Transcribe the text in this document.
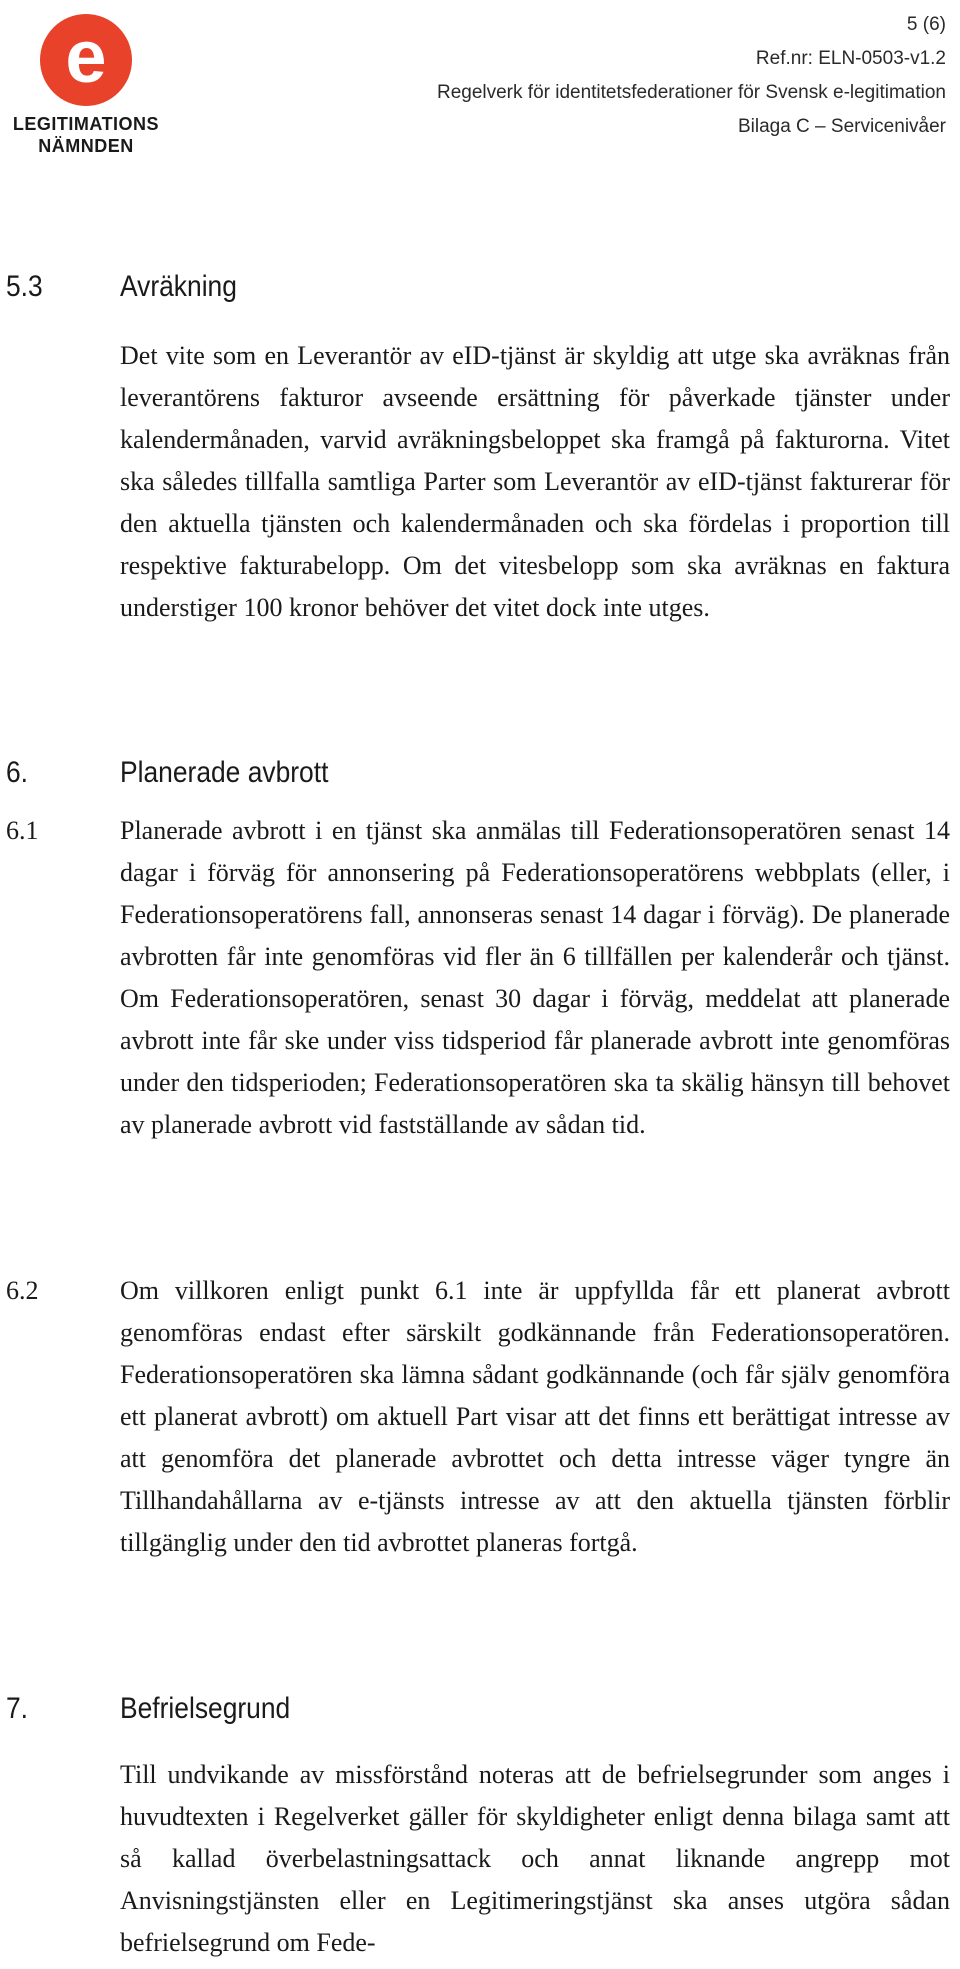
e
LEGITIMATIONS
NÄMNDEN
5 (6)
Ref.nr: ELN-0503-v1.2
Regelverk för identitetsfederationer för Svensk e-legitimation
Bilaga C – Servicenivåer
5.3	Avräkning
Det vite som en Leverantör av eID-tjänst är skyldig att utge ska avräknas från leverantörens fakturor avseende ersättning för påverkade tjänster under kalendermånaden, varvid avräkningsbeloppet ska framgå på fakturorna. Vitet ska således tillfalla samtliga Parter som Leverantör av eID-tjänst fakturerar för den aktuella tjänsten och kalendermånaden och ska fördelas i proportion till respektive fakturabelopp. Om det vitesbelopp som ska avräknas en faktura understiger 100 kronor behöver det vitet dock inte utges.
6.	Planerade avbrott
6.1	Planerade avbrott i en tjänst ska anmälas till Federationsoperatören senast 14 dagar i förväg för annonsering på Federationsoperatörens webbplats (eller, i Federationsoperatörens fall, annonseras senast 14 dagar i förväg). De planerade avbrotten får inte genomföras vid fler än 6 tillfällen per kalenderår och tjänst. Om Federationsoperatören, senast 30 dagar i förväg, meddelat att planerade avbrott inte får ske under viss tidsperiod får planerade avbrott inte genomföras under den tidsperioden; Federationsoperatören ska ta skälig hänsyn till behovet av planerade avbrott vid fastställande av sådan tid.
6.2	Om villkoren enligt punkt 6.1 inte är uppfyllda får ett planerat avbrott genomföras endast efter särskilt godkännande från Federationsoperatören. Federationsoperatören ska lämna sådant godkännande (och får själv genomföra ett planerat avbrott) om aktuell Part visar att det finns ett berättigat intresse av att genomföra det planerade avbrottet och detta intresse väger tyngre än Tillhandahållarna av e-tjänsts intresse av att den aktuella tjänsten förblir tillgänglig under den tid avbrottet planeras fortgå.
7.	Befrielsegrund
Till undvikande av missförstånd noteras att de befrielsegrunder som anges i huvudtexten i Regelverket gäller för skyldigheter enligt denna bilaga samt att så kallad överbelastningsattack och annat liknande angrepp mot Anvisningstjänsten eller en Legitimeringstjänst ska anses utgöra sådan befrielsegrund om Fede-
